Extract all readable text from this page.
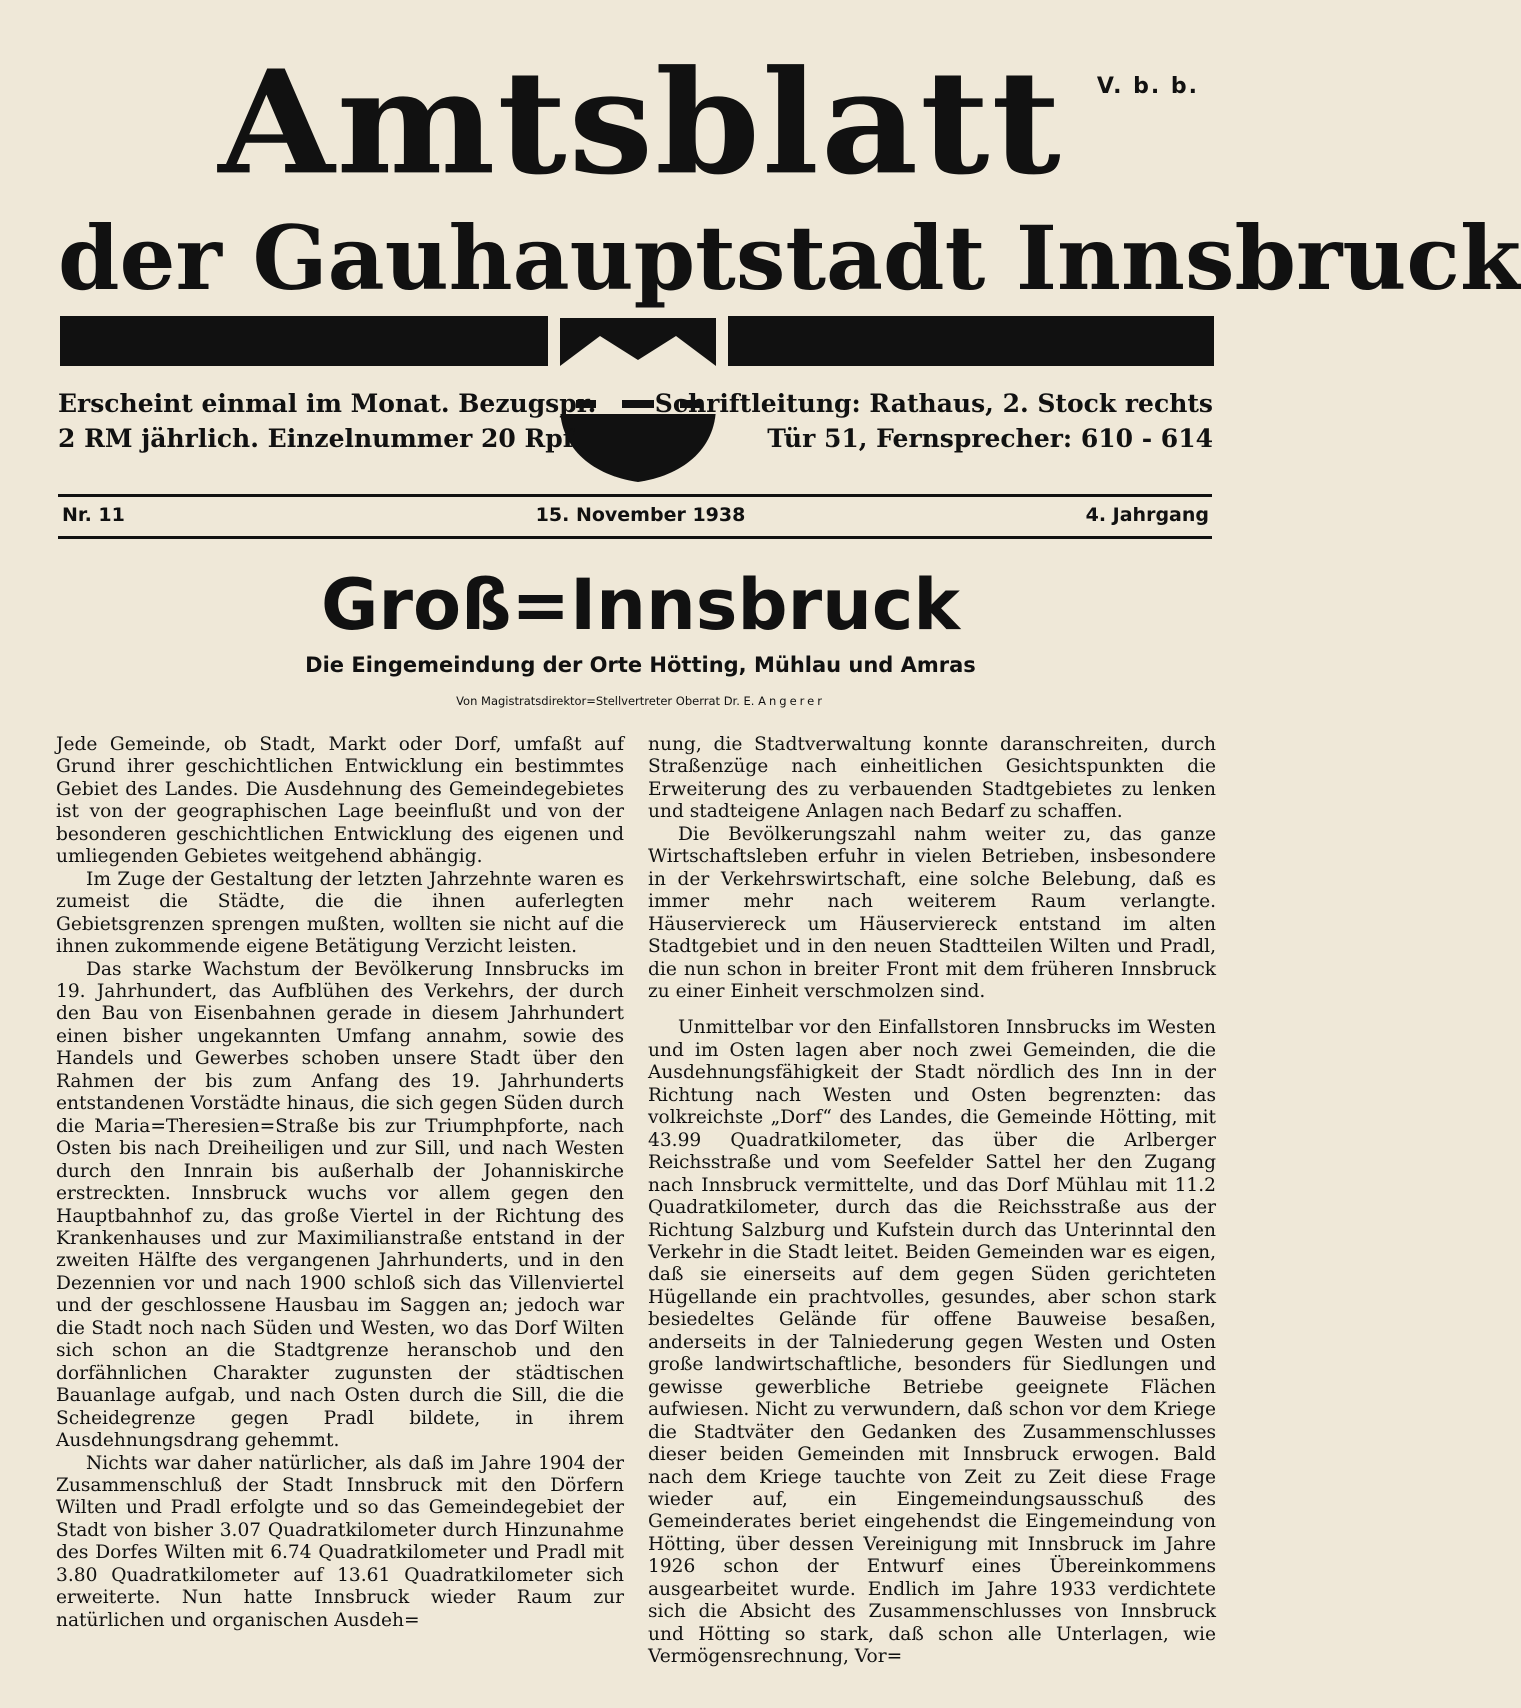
V. b. b.
Amtsblatt
der Gauhauptstadt Innsbruck
Erscheint einmal im Monat. Bezugspr.
2 RM jährlich. Einzelnummer 20 Rpf.
Schriftleitung: Rathaus, 2. Stock rechts
Tür 51, Fernsprecher: 610 - 614
Nr. 11	15. November 1938	4. Jahrgang
Groß=Innsbruck
Die Eingemeindung der Orte Hötting, Mühlau und Amras
Von Magistratsdirektor=Stellvertreter Oberrat Dr. E. Angerer

Jede Gemeinde, ob Stadt, Markt oder Dorf, umfaßt auf Grund ihrer geschichtlichen Entwicklung ein bestimmtes Gebiet des Landes. Die Ausdehnung des Gemeindegebietes ist von der geographischen Lage beeinflußt und von der besonderen geschichtlichen Entwicklung des eigenen und umliegenden Gebietes weitgehend abhängig.

Im Zuge der Gestaltung der letzten Jahrzehnte waren es zumeist die Städte, die die ihnen auferlegten Gebietsgrenzen sprengen mußten, wollten sie nicht auf die ihnen zukommende eigene Betätigung Verzicht leisten.

Das starke Wachstum der Bevölkerung Innsbrucks im 19. Jahrhundert, das Aufblühen des Verkehrs, der durch den Bau von Eisenbahnen gerade in diesem Jahrhundert einen bisher ungekannten Umfang annahm, sowie des Handels und Gewerbes schoben unsere Stadt über den Rahmen der bis zum Anfang des 19. Jahrhunderts entstandenen Vorstädte hinaus, die sich gegen Süden durch die Maria=Theresien=Straße bis zur Triumphpforte, nach Osten bis nach Dreiheiligen und zur Sill, und nach Westen durch den Innrain bis außerhalb der Johanniskirche erstreckten. Innsbruck wuchs vor allem gegen den Hauptbahnhof zu, das große Viertel in der Richtung des Krankenhauses und zur Maximilianstraße entstand in der zweiten Hälfte des vergangenen Jahrhunderts, und in den Dezennien vor und nach 1900 schloß sich das Villenviertel und der geschlossene Hausbau im Saggen an; jedoch war die Stadt noch nach Süden und Westen, wo das Dorf Wilten sich schon an die Stadtgrenze heranschob und den dorfähnlichen Charakter zugunsten der städtischen Bauanlage aufgab, und nach Osten durch die Sill, die die Scheidegrenze gegen Pradl bildete, in ihrem Ausdehnungsdrang gehemmt.

Nichts war daher natürlicher, als daß im Jahre 1904 der Zusammenschluß der Stadt Innsbruck mit den Dörfern Wilten und Pradl erfolgte und so das Gemeindegebiet der Stadt von bisher 3.07 Quadratkilometer durch Hinzunahme des Dorfes Wilten mit 6.74 Quadratkilometer und Pradl mit 3.80 Quadratkilometer auf 13.61 Quadratkilometer sich erweiterte. Nun hatte Innsbruck wieder Raum zur natürlichen und organischen Ausdeh=

nung, die Stadtverwaltung konnte daranschreiten, durch Straßenzüge nach einheitlichen Gesichtspunkten die Erweiterung des zu verbauenden Stadtgebietes zu lenken und stadteigene Anlagen nach Bedarf zu schaffen.

Die Bevölkerungszahl nahm weiter zu, das ganze Wirtschaftsleben erfuhr in vielen Betrieben, insbesondere in der Verkehrswirtschaft, eine solche Belebung, daß es immer mehr nach weiterem Raum verlangte. Häuserviereck um Häuserviereck entstand im alten Stadtgebiet und in den neuen Stadtteilen Wilten und Pradl, die nun schon in breiter Front mit dem früheren Innsbruck zu einer Einheit verschmolzen sind.

Unmittelbar vor den Einfallstoren Innsbrucks im Westen und im Osten lagen aber noch zwei Gemeinden, die die Ausdehnungsfähigkeit der Stadt nördlich des Inn in der Richtung nach Westen und Osten begrenzten: das volkreichste „Dorf“ des Landes, die Gemeinde Hötting, mit 43.99 Quadratkilometer, das über die Arlberger Reichsstraße und vom Seefelder Sattel her den Zugang nach Innsbruck vermittelte, und das Dorf Mühlau mit 11.2 Quadratkilometer, durch das die Reichsstraße aus der Richtung Salzburg und Kufstein durch das Unterinntal den Verkehr in die Stadt leitet. Beiden Gemeinden war es eigen, daß sie einerseits auf dem gegen Süden gerichteten Hügellande ein prachtvolles, gesundes, aber schon stark besiedeltes Gelände für offene Bauweise besaßen, anderseits in der Talniederung gegen Westen und Osten große landwirtschaftliche, besonders für Siedlungen und gewisse gewerbliche Betriebe geeignete Flächen aufwiesen. Nicht zu verwundern, daß schon vor dem Kriege die Stadtväter den Gedanken des Zusammenschlusses dieser beiden Gemeinden mit Innsbruck erwogen. Bald nach dem Kriege tauchte von Zeit zu Zeit diese Frage wieder auf, ein Eingemeindungsausschuß des Gemeinderates beriet eingehendst die Eingemeindung von Hötting, über dessen Vereinigung mit Innsbruck im Jahre 1926 schon der Entwurf eines Übereinkommens ausgearbeitet wurde. Endlich im Jahre 1933 verdichtete sich die Absicht des Zusammenschlusses von Innsbruck und Hötting so stark, daß schon alle Unterlagen, wie Vermögensrechnung, Vor=
